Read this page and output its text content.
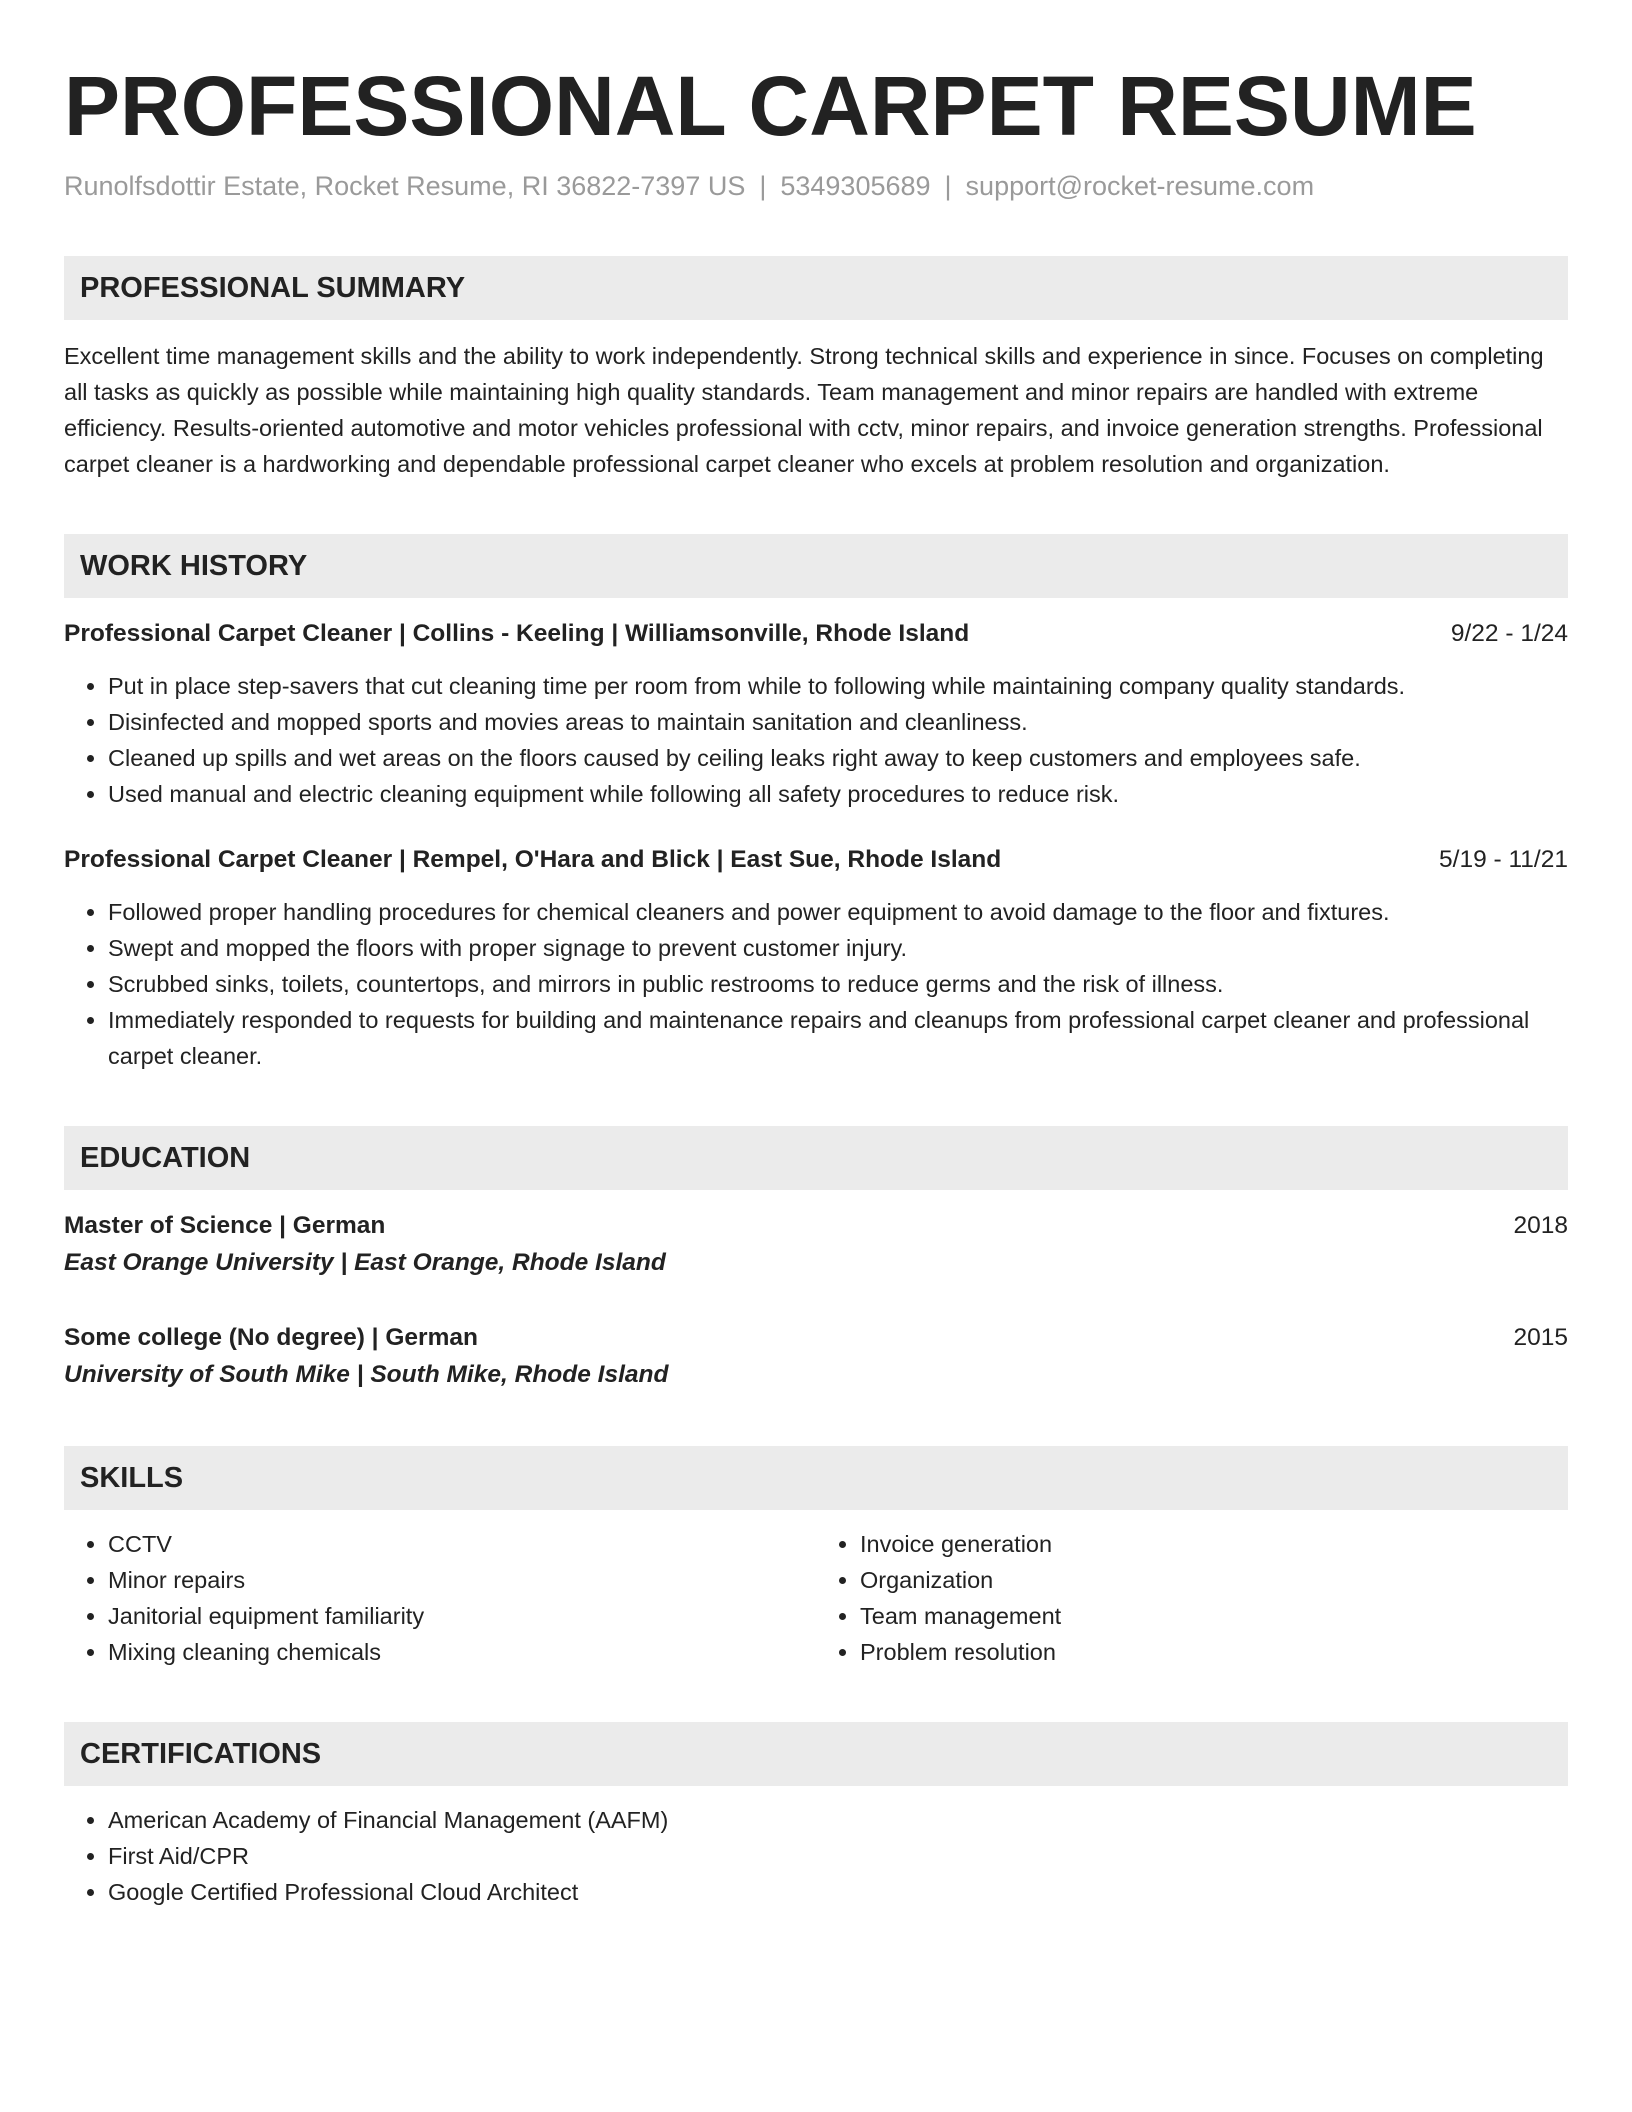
PROFESSIONAL CARPET RESUME
Runolfsdottir Estate, Rocket Resume, RI 36822-7397 US | 5349305689 | support@rocket-resume.com
PROFESSIONAL SUMMARY
Excellent time management skills and the ability to work independently. Strong technical skills and experience in since. Focuses on completing all tasks as quickly as possible while maintaining high quality standards. Team management and minor repairs are handled with extreme efficiency. Results-oriented automotive and motor vehicles professional with cctv, minor repairs, and invoice generation strengths. Professional carpet cleaner is a hardworking and dependable professional carpet cleaner who excels at problem resolution and organization.
WORK HISTORY
Professional Carpet Cleaner | Collins - Keeling | Williamsonville, Rhode Island	9/22 - 1/24
• Put in place step-savers that cut cleaning time per room from while to following while maintaining company quality standards.
• Disinfected and mopped sports and movies areas to maintain sanitation and cleanliness.
• Cleaned up spills and wet areas on the floors caused by ceiling leaks right away to keep customers and employees safe.
• Used manual and electric cleaning equipment while following all safety procedures to reduce risk.
Professional Carpet Cleaner | Rempel, O'Hara and Blick | East Sue, Rhode Island	5/19 - 11/21
• Followed proper handling procedures for chemical cleaners and power equipment to avoid damage to the floor and fixtures.
• Swept and mopped the floors with proper signage to prevent customer injury.
• Scrubbed sinks, toilets, countertops, and mirrors in public restrooms to reduce germs and the risk of illness.
• Immediately responded to requests for building and maintenance repairs and cleanups from professional carpet cleaner and professional carpet cleaner.
EDUCATION
Master of Science | German	2018
East Orange University | East Orange, Rhode Island
Some college (No degree) | German	2015
University of South Mike | South Mike, Rhode Island
SKILLS
• CCTV
• Minor repairs
• Janitorial equipment familiarity
• Mixing cleaning chemicals
• Invoice generation
• Organization
• Team management
• Problem resolution
CERTIFICATIONS
• American Academy of Financial Management (AAFM)
• First Aid/CPR
• Google Certified Professional Cloud Architect
